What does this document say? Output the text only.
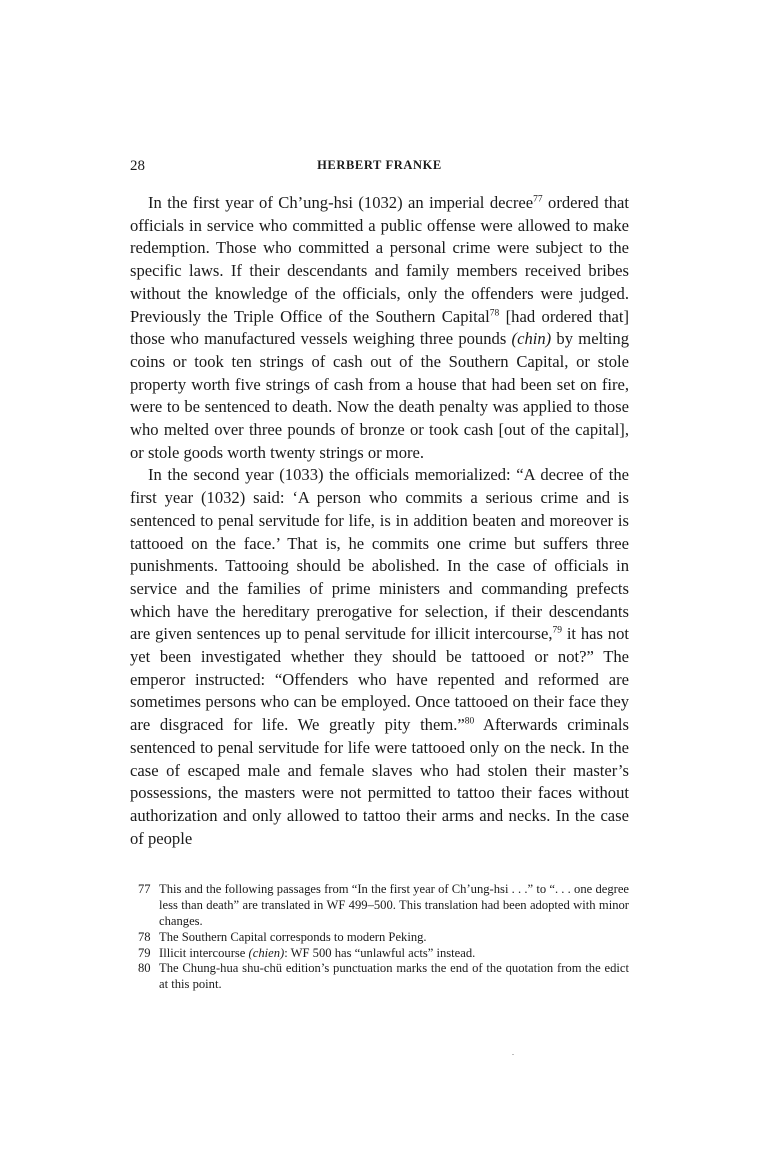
28	HERBERT FRANKE

In the first year of Ch’ung-hsi (1032) an imperial decree$^{77}$ ordered that officials in service who committed a public offense were allowed to make redemption. Those who committed a personal crime were subject to the specific laws. If their descendants and family members received bribes without the knowledge of the officials, only the offenders were judged. Previously the Triple Office of the Southern Capital$^{78}$ [had ordered that] those who manufactured vessels weighing three pounds (chin) by melting coins or took ten strings of cash out of the Southern Capital, or stole property worth five strings of cash from a house that had been set on fire, were to be sentenced to death. Now the death penalty was applied to those who melted over three pounds of bronze or took cash [out of the capital], or stole goods worth twenty strings or more.

In the second year (1033) the officials memorialized: “A decree of the first year (1032) said: ‘A person who commits a serious crime and is sentenced to penal servitude for life, is in addition beaten and moreover is tattooed on the face.’ That is, he commits one crime but suffers three punishments. Tattooing should be abolished. In the case of officials in service and the families of prime ministers and commanding prefects which have the hereditary prerogative for selection, if their descendants are given sentences up to penal servitude for illicit intercourse,$^{79}$ it has not yet been investigated whether they should be tattooed or not?” The emperor instructed: “Offenders who have repented and reformed are sometimes persons who can be employed. Once tattooed on their face they are disgraced for life. We greatly pity them.”$^{80}$ Afterwards criminals sentenced to penal servitude for life were tattooed only on the neck. In the case of escaped male and female slaves who had stolen their master’s possessions, the masters were not permitted to tattoo their faces without authorization and only allowed to tattoo their arms and necks. In the case of people

77 This and the following passages from “In the first year of Ch’ung-hsi . . .” to “. . . one degree less than death” are translated in WF 499–500. This translation had been adopted with minor changes.
78 The Southern Capital corresponds to modern Peking.
79 Illicit intercourse (chien): WF 500 has “unlawful acts” instead.
80 The Chung-hua shu-chü edition’s punctuation marks the end of the quotation from the edict at this point.
